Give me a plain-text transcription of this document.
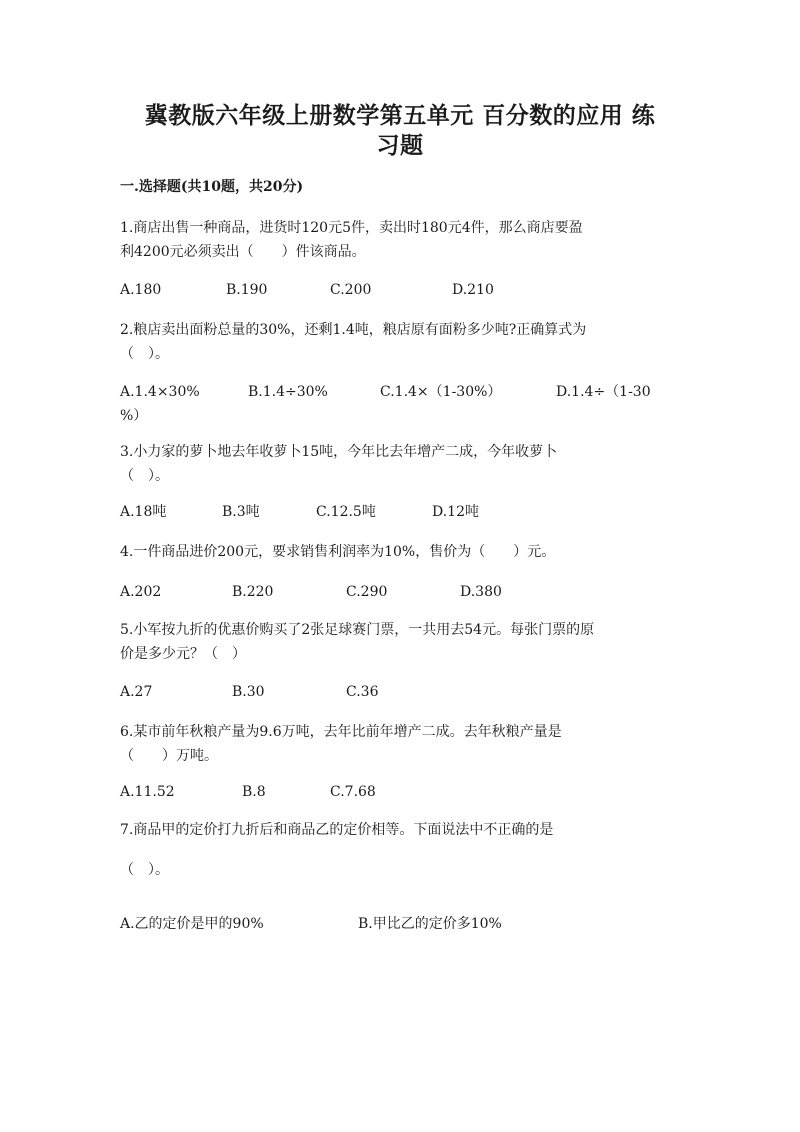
冀教版六年级上册数学第五单元 百分数的应用 练
习题
一.选择题(共10题，共20分)
1.商店出售一种商品，进货时120元5件，卖出时180元4件，那么商店要盈
利4200元必须卖出（　　）件该商品。
A.180	B.190	C.200	D.210
2.粮店卖出面粉总量的30%，还剩1.4吨，粮店原有面粉多少吨?正确算式为
（　）。
A.1.4×30%	B.1.4÷30%	C.1.4×（1-30%）	D.1.4÷（1-30
%）
3.小力家的萝卜地去年收萝卜15吨，今年比去年增产二成，今年收萝卜
（　）。
A.18吨	B.3吨	C.12.5吨	D.12吨
4.一件商品进价200元，要求销售利润率为10%，售价为（　　）元。
A.202	B.220	C.290	D.380
5.小军按九折的优惠价购买了2张足球赛门票，一共用去54元。每张门票的原
价是多少元？（　）
A.27	B.30	C.36
6.某市前年秋粮产量为9.6万吨，去年比前年增产二成。去年秋粮产量是
（　　）万吨。
A.11.52	B.8	C.7.68
7.商品甲的定价打九折后和商品乙的定价相等。下面说法中不正确的是
（　）。
A.乙的定价是甲的90%	B.甲比乙的定价多10%
